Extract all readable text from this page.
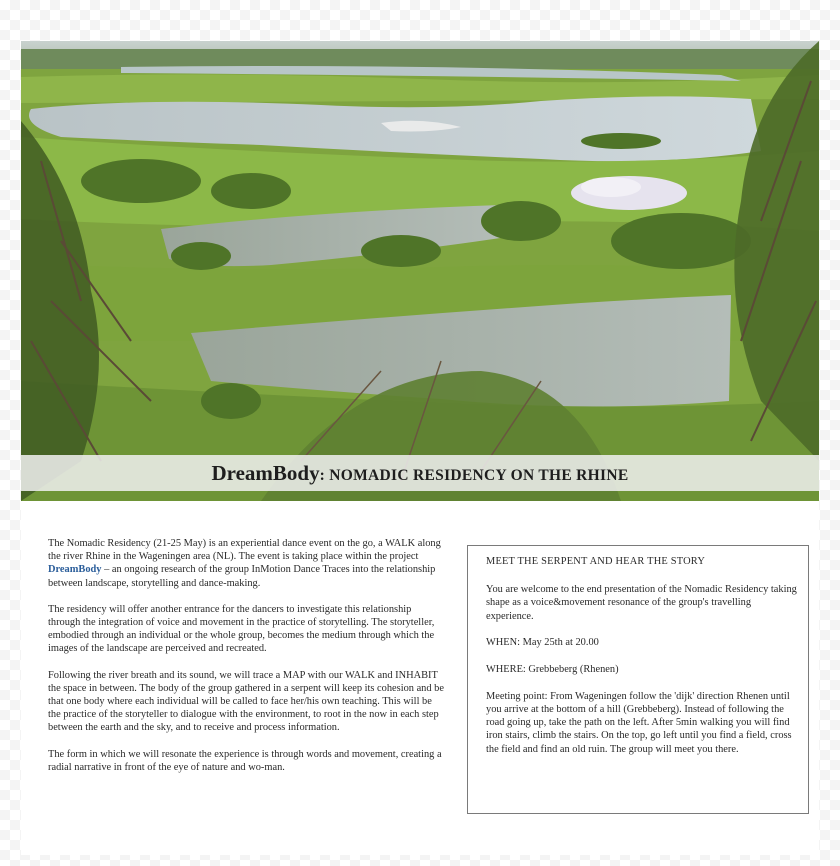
DreamBody: NOMADIC RESIDENCY ON THE RHINE

The Nomadic Residency (21-25 May) is an experiential dance event on the go, a WALK along the river Rhine in the Wageningen area (NL). The event is taking place within the project DreamBody – an ongoing research of the group InMotion Dance Traces into the relationship between landscape, storytelling and dance-making.

The residency will offer another entrance for the dancers to investigate this relationship through the integration of voice and movement in the practice of storytelling. The storyteller, embodied through an individual or the whole group, becomes the medium through which the images of the landscape are perceived and recreated.

Following the river breath and its sound, we will trace a MAP with our WALK and INHABIT the space in between. The body of the group gathered in a serpent will keep its cohesion and be that one body where each individual will be called to face her/his own teaching. This will be the practice of the storyteller to dialogue with the environment, to root in the now in each step between the earth and the sky, and to receive and process information.

The form in which we will resonate the experience is through words and movement, creating a radial narrative in front of the eye of nature and wo-man.

MEET THE SERPENT AND HEAR THE STORY

You are welcome to the end presentation of the Nomadic Residency taking shape as a voice&movement resonance of the group's travelling experience.

WHEN: May 25th at 20.00

WHERE: Grebbeberg (Rhenen)

Meeting point: From Wageningen follow the 'dijk' direction Rhenen until you arrive at the bottom of a hill (Grebbeberg). Instead of following the road going up, take the path on the left. After 5min walking you will find iron stairs, climb the stairs. On the top, go left until you find a field, cross the field and find an old ruin. The group will meet you there.
